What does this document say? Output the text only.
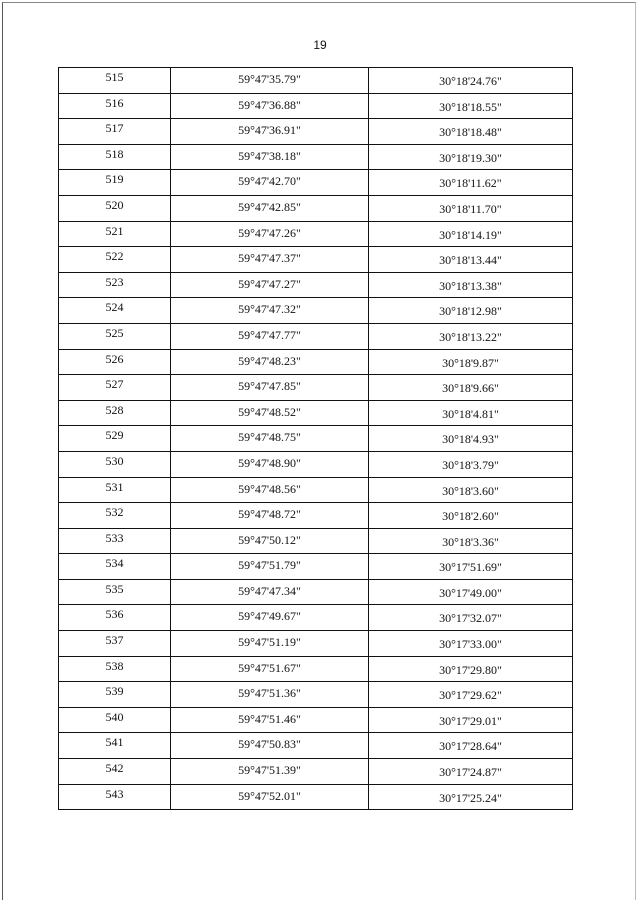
19
515	59°47'35.79"	30°18'24.76"
516	59°47'36.88"	30°18'18.55"
517	59°47'36.91"	30°18'18.48"
518	59°47'38.18"	30°18'19.30"
519	59°47'42.70"	30°18'11.62"
520	59°47'42.85"	30°18'11.70"
521	59°47'47.26"	30°18'14.19"
522	59°47'47.37"	30°18'13.44"
523	59°47'47.27"	30°18'13.38"
524	59°47'47.32"	30°18'12.98"
525	59°47'47.77"	30°18'13.22"
526	59°47'48.23"	30°18'9.87"
527	59°47'47.85"	30°18'9.66"
528	59°47'48.52"	30°18'4.81"
529	59°47'48.75"	30°18'4.93"
530	59°47'48.90"	30°18'3.79"
531	59°47'48.56"	30°18'3.60"
532	59°47'48.72"	30°18'2.60"
533	59°47'50.12"	30°18'3.36"
534	59°47'51.79"	30°17'51.69"
535	59°47'47.34"	30°17'49.00"
536	59°47'49.67"	30°17'32.07"
537	59°47'51.19"	30°17'33.00"
538	59°47'51.67"	30°17'29.80"
539	59°47'51.36"	30°17'29.62"
540	59°47'51.46"	30°17'29.01"
541	59°47'50.83"	30°17'28.64"
542	59°47'51.39"	30°17'24.87"
543	59°47'52.01"	30°17'25.24"
